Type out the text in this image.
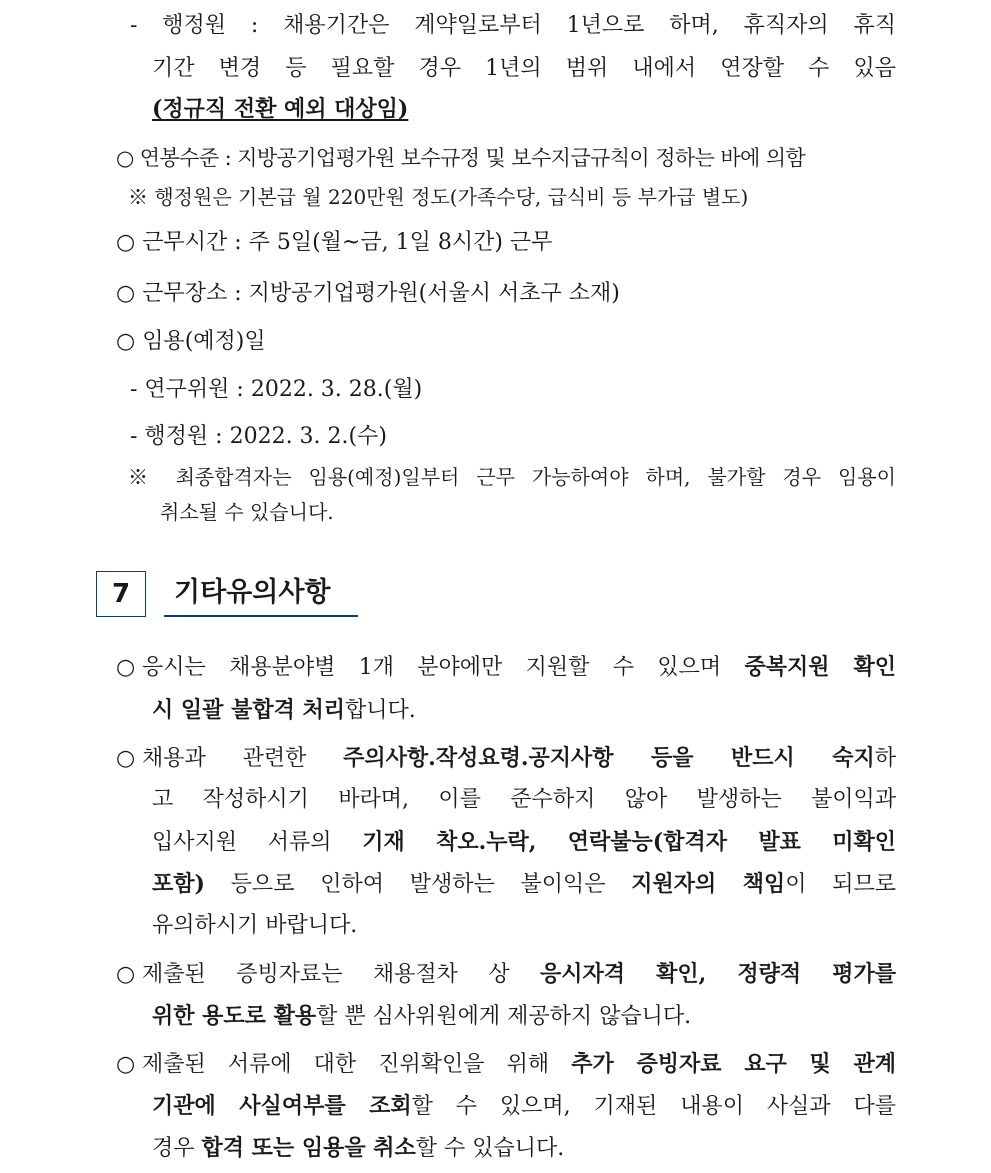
- 행정원 : 채용기간은 계약일로부터 1년으로 하며, 휴직자의 휴직
기간 변경 등 필요할 경우 1년의 범위 내에서 연장할 수 있음
(정규직 전환 예외 대상임)
○ 연봉수준 : 지방공기업평가원 보수규정 및 보수지급규칙이 정하는 바에 의함
※ 행정원은 기본급 월 220만원 정도(가족수당, 급식비 등 부가급 별도)
○ 근무시간 : 주 5일(월~금, 1일 8시간) 근무
○ 근무장소 : 지방공기업평가원(서울시 서초구 소재)
○ 임용(예정)일
- 연구위원 : 2022. 3. 28.(월)
- 행정원 : 2022. 3. 2.(수)
※ 최종합격자는 임용(예정)일부터 근무 가능하여야 하며, 불가할 경우 임용이
취소될 수 있습니다.
7	기타유의사항
○ 응시는 채용분야별 1개 분야에만 지원할 수 있으며 중복지원 확인
시 일괄 불합격 처리합니다.
○ 채용과 관련한 주의사항.작성요령.공지사항 등을 반드시 숙지하
고 작성하시기 바라며, 이를 준수하지 않아 발생하는 불이익과
입사지원 서류의 기재 착오.누락, 연락불능(합격자 발표 미확인
포함) 등으로 인하여 발생하는 불이익은 지원자의 책임이 되므로
유의하시기 바랍니다.
○ 제출된 증빙자료는 채용절차 상 응시자격 확인, 정량적 평가를
위한 용도로 활용할 뿐 심사위원에게 제공하지 않습니다.
○ 제출된 서류에 대한 진위확인을 위해 추가 증빙자료 요구 및 관계
기관에 사실여부를 조회할 수 있으며, 기재된 내용이 사실과 다를
경우 합격 또는 임용을 취소할 수 있습니다.
